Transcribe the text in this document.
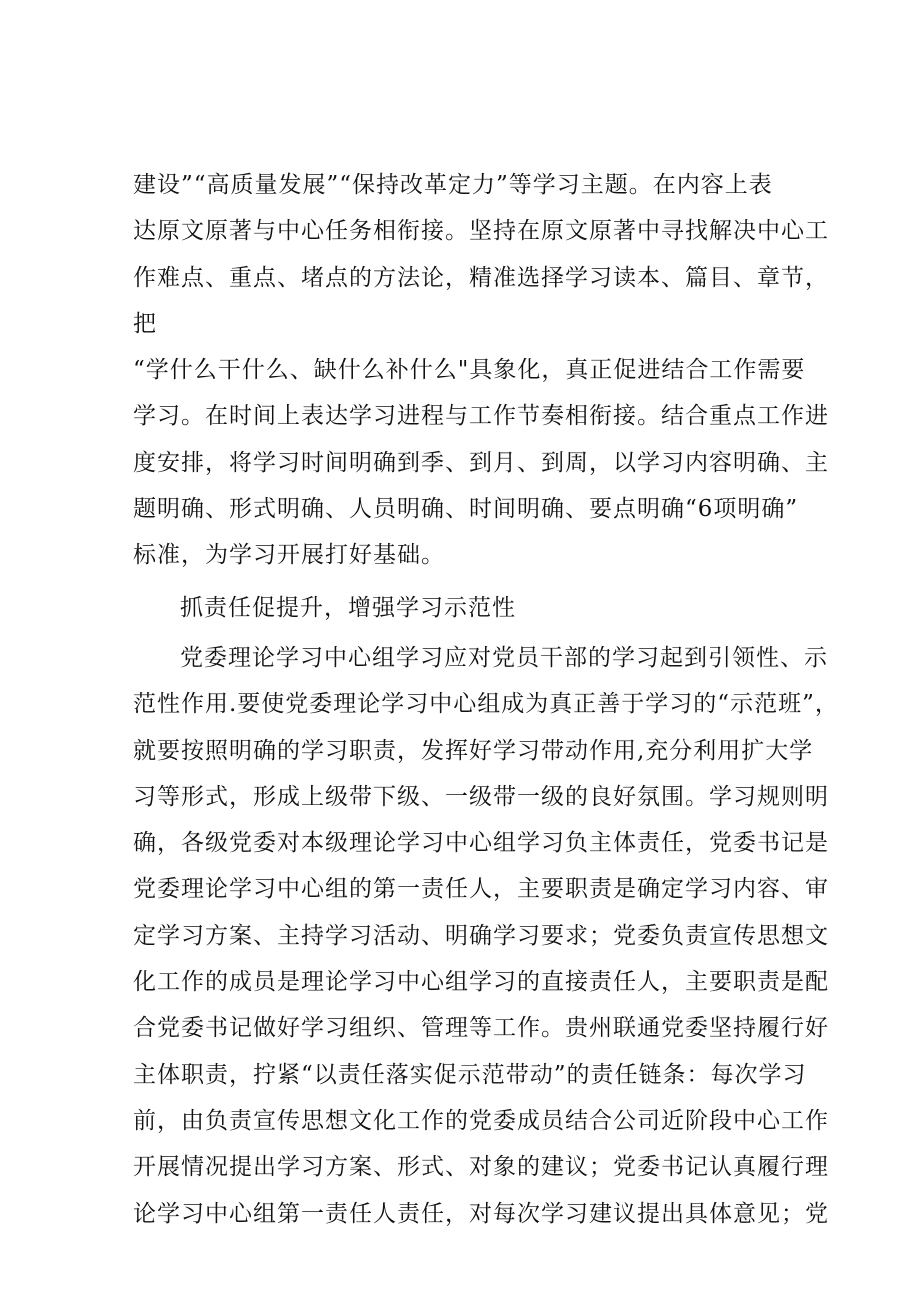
建设”“高质量发展”“保持改革定力”等学习主题。在内容上表
达原文原著与中心任务相衔接。坚持在原文原著中寻找解决中心工
作难点、重点、堵点的方法论，精准选择学习读本、篇目、章节，
把
“学什么干什么、缺什么补什么"具象化，真正促进结合工作需要
学习。在时间上表达学习进程与工作节奏相衔接。结合重点工作进
度安排，将学习时间明确到季、到月、到周，以学习内容明确、主
题明确、形式明确、人员明确、时间明确、要点明确“6项明确”
标准，为学习开展打好基础。
抓责任促提升，增强学习示范性
党委理论学习中心组学习应对党员干部的学习起到引领性、示
范性作用.要使党委理论学习中心组成为真正善于学习的“示范班”，
就要按照明确的学习职责，发挥好学习带动作用,充分利用扩大学
习等形式，形成上级带下级、一级带一级的良好氛围。学习规则明
确，各级党委对本级理论学习中心组学习负主体责任，党委书记是
党委理论学习中心组的第一责任人，主要职责是确定学习内容、审
定学习方案、主持学习活动、明确学习要求；党委负责宣传思想文
化工作的成员是理论学习中心组学习的直接责任人，主要职责是配
合党委书记做好学习组织、管理等工作。贵州联通党委坚持履行好
主体职责，拧紧“以责任落实促示范带动”的责任链条：每次学习
前，由负责宣传思想文化工作的党委成员结合公司近阶段中心工作
开展情况提出学习方案、形式、对象的建议；党委书记认真履行理
论学习中心组第一责任人责任，对每次学习建议提出具体意见；党
